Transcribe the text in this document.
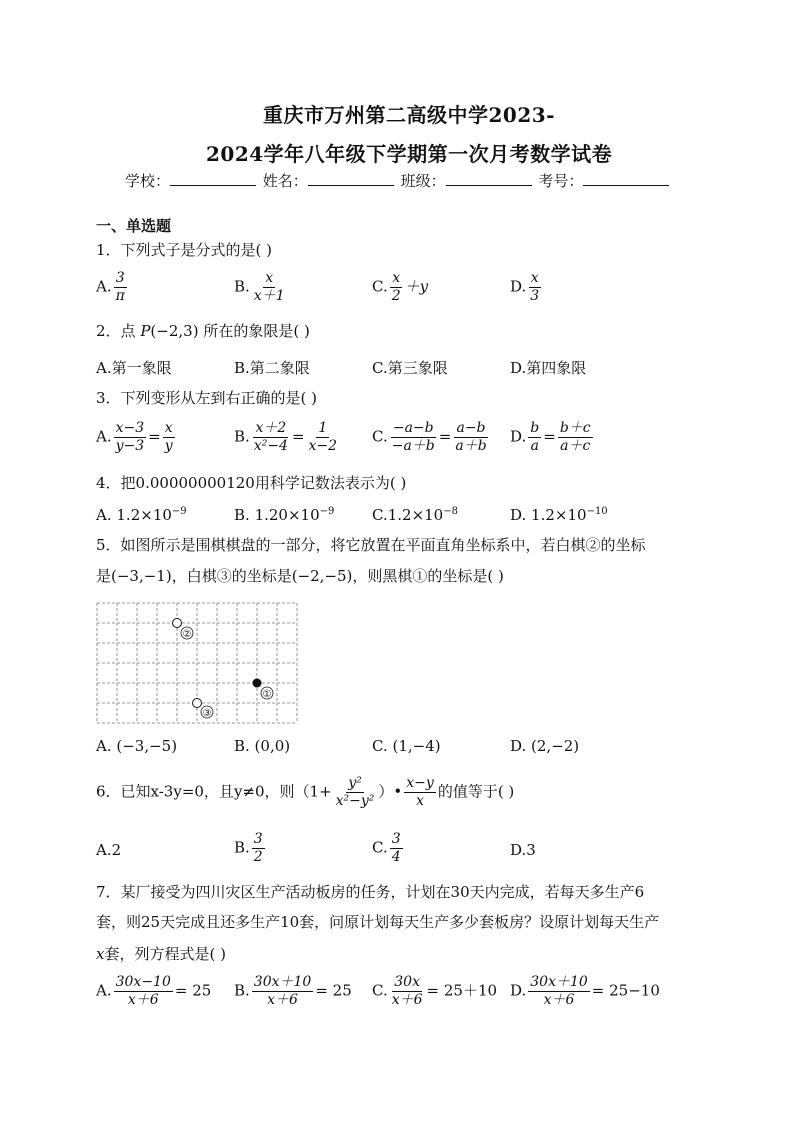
重庆市万州第二高级中学2023-
2024学年八年级下学期第一次月考数学试卷
学校：	姓名：	班级：	考号：
一、单选题
1．下列式子是分式的是( )
A. $\frac{3}{\pi}$	B. $\frac{x}{x+1}$	C. $\frac{x}{2} +y$	D. $\frac{x}{3}$
2．点 P(−2,3) 所在的象限是( )
A.第一象限	B.第二象限	C.第三象限	D.第四象限
3．下列变形从左到右正确的是( )
A. $\frac{x-3}{y-3} = \frac{x}{y}$	B. $\frac{x+2}{\text{x²−4}} = \frac{1}{x-2} C$. $\frac{-a-b}{-a+b} = \frac{a-b}{a+b} D$. $\frac{b}{a} = \frac{b+c}{a+c}$
4．把0.00000000120用科学记数法表示为( )
A. $1.2\times 10^{-9}$	B. $1.20\times 10^{-9}$	$C.1.2\times 10^{-8}$	D. $1.2\times 10^{-10}$
5．如图所示是围棋棋盘的一部分，将它放置在平面直角坐标系中，若白棋②的坐标
是(−3,−1)，白棋③的坐标是(−2,−5)，则黑棋①的坐标是( )
②
①
③
A. (−3,−5)	B. (0,0)	C. (1,−4)	D. (2,−2)
6．已知x-3y=0，且y≠0，则（$1+ \frac{\text{y²}}{\text{x²−y²}}$ ）• $\frac{x-y}{x}$ 的值等于( )
A.2	B. $\frac{3}{2}$	C. $\frac{3}{4}$	D.3
7．某厂接受为四川灾区生产活动板房的任务，计划在30天内完成，若每天多生产6
套，则25天完成且还多生产10套，问原计划每天生产多少套板房？设原计划每天生产
x套，列方程式是( )
A. $\frac{30x-10}{x+6} = 25$ B. $\frac{30x+10}{x+6} = 25$ C. $\frac{30x}{x+6} = 25+10$ D. $\frac{30x+10}{x+6} = 25-10$
